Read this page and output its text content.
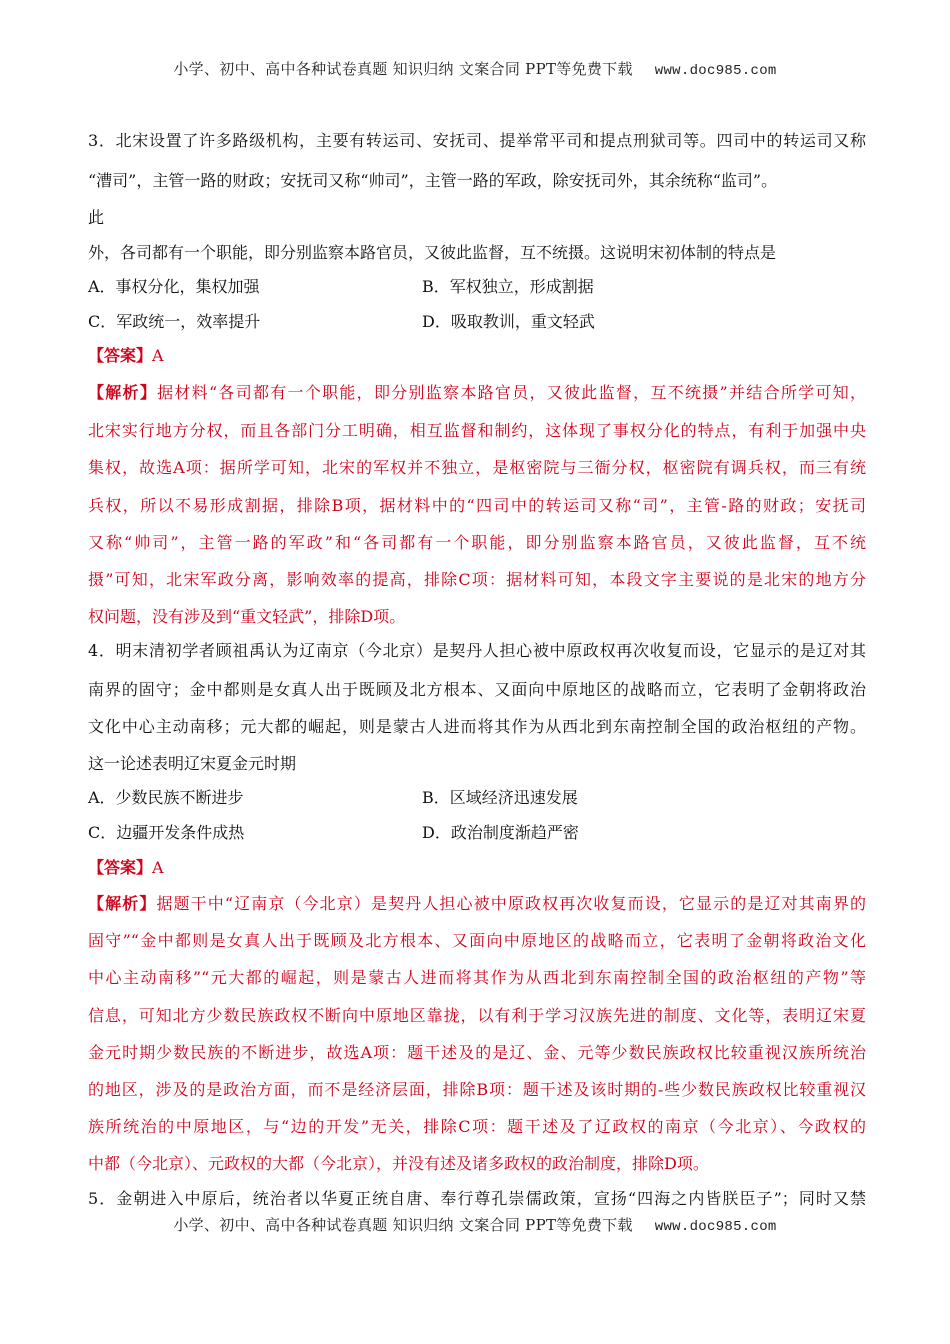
小学、初中、高中各种试卷真题 知识归纳 文案合同 PPT等免费下载 www.doc985.com
3．北宋设置了许多路级机构，主要有转运司、安抚司、提举常平司和提点刑狱司等。四司中的转运司又称
“漕司”，主管一路的财政；安抚司又称“帅司”，主管一路的军政，除安抚司外，其余统称“监司”。
此
外，各司都有一个职能，即分别监察本路官员，又彼此监督，互不统摄。这说明宋初体制的特点是
A．事权分化，集权加强	B．军权独立，形成割据
C．军政统一，效率提升	D．吸取教训，重文轻武
【答案】A
【解析】据材料“各司都有一个职能，即分别监察本路官员，又彼此监督，互不统摄”并结合所学可知，
北宋实行地方分权，而且各部门分工明确，相互监督和制约，这体现了事权分化的特点，有利于加强中央
集权，故选A项：据所学可知，北宋的军权并不独立，是枢密院与三衙分权，枢密院有调兵权，而三有统
兵权，所以不易形成割据，排除B项，据材料中的“四司中的转运司又称“司”，主管-路的财政；安抚司
又称“帅司”，主管一路的军政”和“各司都有一个职能，即分别监察本路官员，又彼此监督，互不统
摄”可知，北宋军政分离，影响效率的提高，排除C项：据材料可知，本段文字主要说的是北宋的地方分
权问题，没有涉及到“重文轻武”，排除D项。
4．明末清初学者顾祖禹认为辽南京（今北京）是契丹人担心被中原政权再次收复而设，它显示的是辽对其
南界的固守；金中都则是女真人出于既顾及北方根本、又面向中原地区的战略而立，它表明了金朝将政治
文化中心主动南移；元大都的崛起，则是蒙古人进而将其作为从西北到东南控制全国的政治枢纽的产物。
这一论述表明辽宋夏金元时期
A．少数民族不断进步	B．区域经济迅速发展
C．边疆开发条件成热	D．政治制度渐趋严密
【答案】A
【解析】据题干中“辽南京（今北京）是契丹人担心被中原政权再次收复而设，它显示的是辽对其南界的
固守”“金中都则是女真人出于既顾及北方根本、又面向中原地区的战略而立，它表明了金朝将政治文化
中心主动南移”“元大都的崛起，则是蒙古人进而将其作为从西北到东南控制全国的政治枢纽的产物”等
信息，可知北方少数民族政权不断向中原地区靠拢，以有利于学习汉族先进的制度、文化等，表明辽宋夏
金元时期少数民族的不断进步，故选A项：题干述及的是辽、金、元等少数民族政权比较重视汉族所统治
的地区，涉及的是政治方面，而不是经济层面，排除B项：题干述及该时期的-些少数民族政权比较重视汉
族所统治的中原地区，与“边的开发”无关，排除C项：题干述及了辽政权的南京（今北京）、今政权的
中都（今北京）、元政权的大都（今北京），并没有述及诸多政权的政治制度，排除D项。
5．金朝进入中原后，统治者以华夏正统自唐、奉行尊孔崇儒政策，宣扬“四海之内皆朕臣子”；同时又禁
小学、初中、高中各种试卷真题 知识归纳 文案合同 PPT等免费下载 www.doc985.com
